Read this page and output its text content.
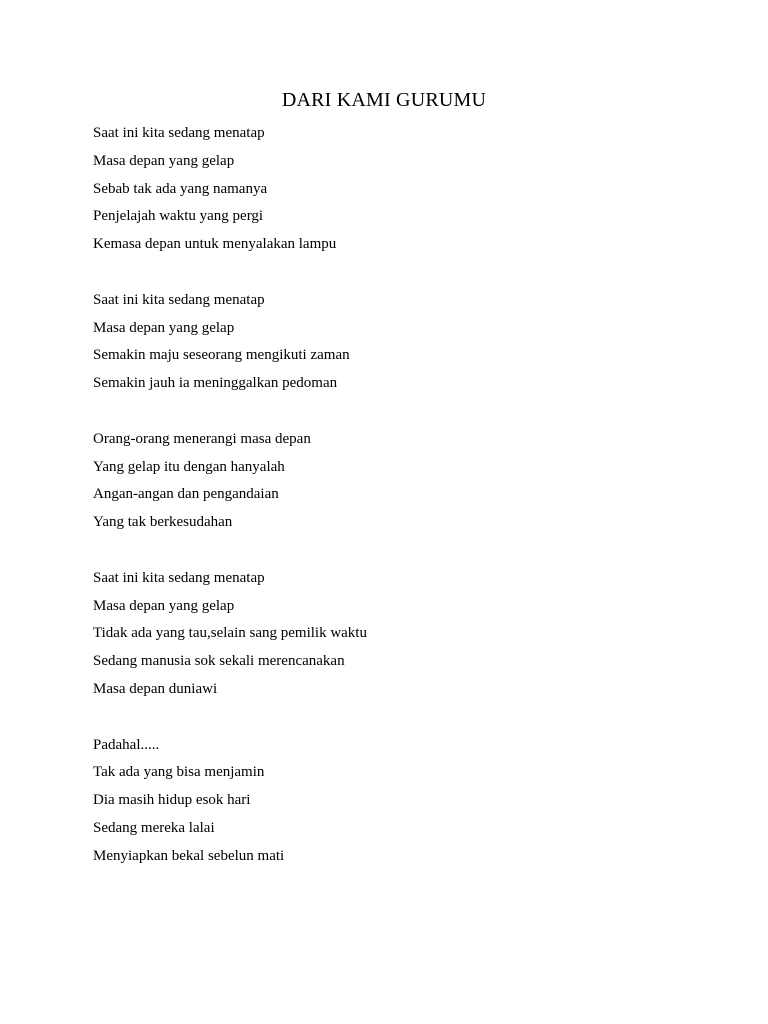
DARI KAMI GURUMU
Saat ini kita sedang menatap
Masa depan yang gelap
Sebab tak ada yang namanya
Penjelajah waktu yang pergi
Kemasa depan untuk menyalakan lampu
Saat ini kita sedang menatap
Masa depan yang gelap
Semakin maju seseorang mengikuti zaman
Semakin jauh ia meninggalkan pedoman
Orang-orang menerangi masa depan
Yang gelap itu dengan hanyalah
Angan-angan dan pengandaian
Yang tak berkesudahan
Saat ini kita sedang menatap
Masa depan yang gelap
Tidak ada yang tau,selain sang pemilik waktu
Sedang manusia sok sekali merencanakan
Masa depan duniawi
Padahal.....
Tak ada yang bisa menjamin
Dia masih hidup esok hari
Sedang mereka lalai
Menyiapkan bekal sebelun mati
